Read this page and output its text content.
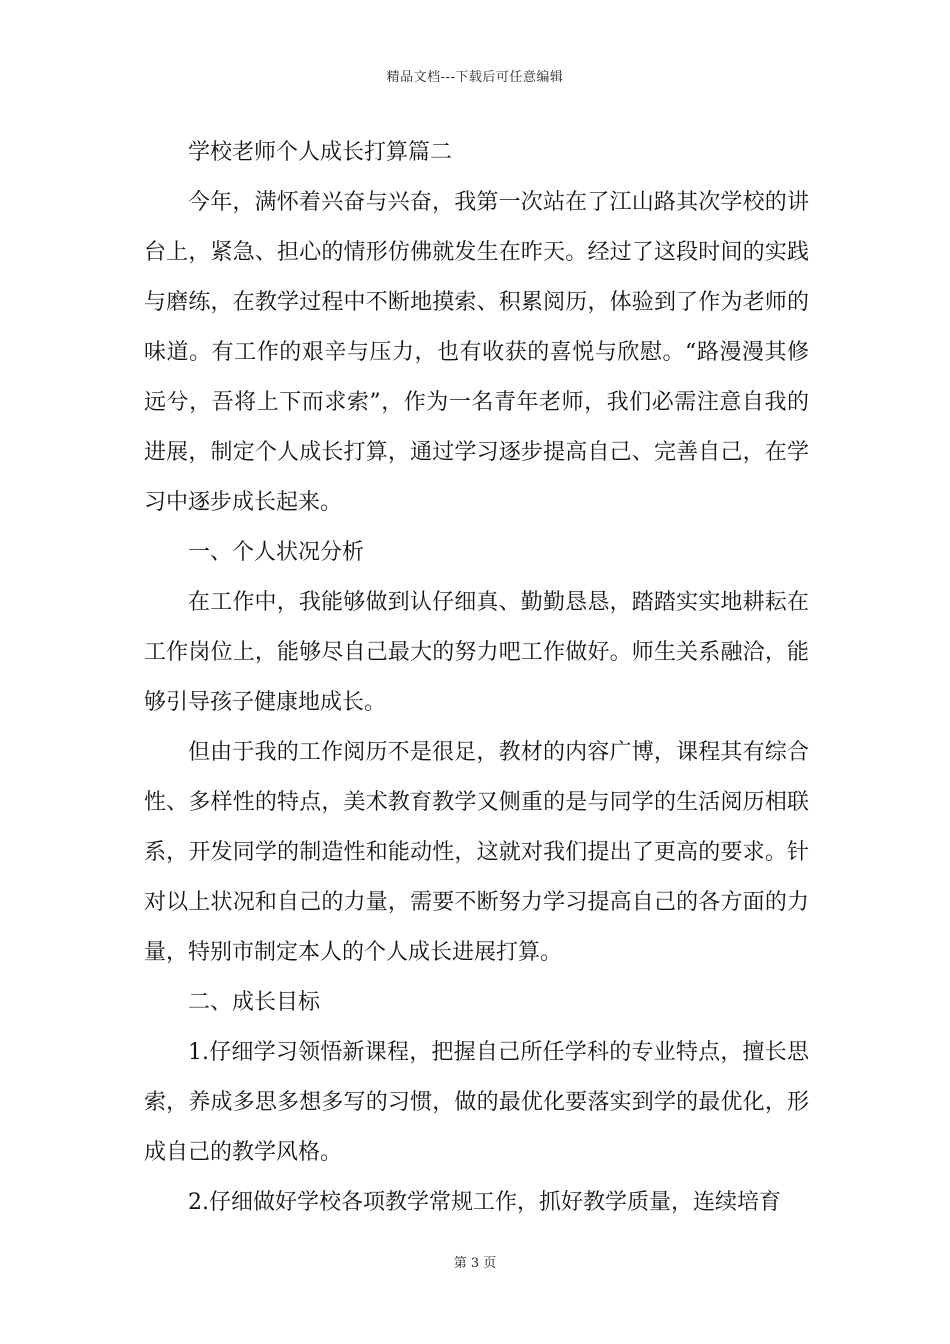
精品文档---下载后可任意编辑

学校老师个人成长打算篇二

今年，满怀着兴奋与兴奋，我第一次站在了江山路其次学校的讲台上，紧急、担心的情形仿佛就发生在昨天。经过了这段时间的实践与磨练，在教学过程中不断地摸索、积累阅历，体验到了作为老师的味道。有工作的艰辛与压力，也有收获的喜悦与欣慰。“路漫漫其修远兮，吾将上下而求索”，作为一名青年老师，我们必需注意自我的进展，制定个人成长打算，通过学习逐步提高自己、完善自己，在学习中逐步成长起来。

一、个人状况分析

在工作中，我能够做到认仔细真、勤勤恳恳，踏踏实实地耕耘在工作岗位上，能够尽自己最大的努力吧工作做好。师生关系融洽，能够引导孩子健康地成长。

但由于我的工作阅历不是很足，教材的内容广博，课程其有综合性、多样性的特点，美术教育教学又侧重的是与同学的生活阅历相联系，开发同学的制造性和能动性，这就对我们提出了更高的要求。针对以上状况和自己的力量，需要不断努力学习提高自己的各方面的力量，特别市制定本人的个人成长进展打算。

二、成长目标

1.仔细学习领悟新课程，把握自己所任学科的专业特点，擅长思索，养成多思多想多写的习惯，做的最优化要落实到学的最优化，形成自己的教学风格。

2.仔细做好学校各项教学常规工作，抓好教学质量，连续培育

第 3 页
